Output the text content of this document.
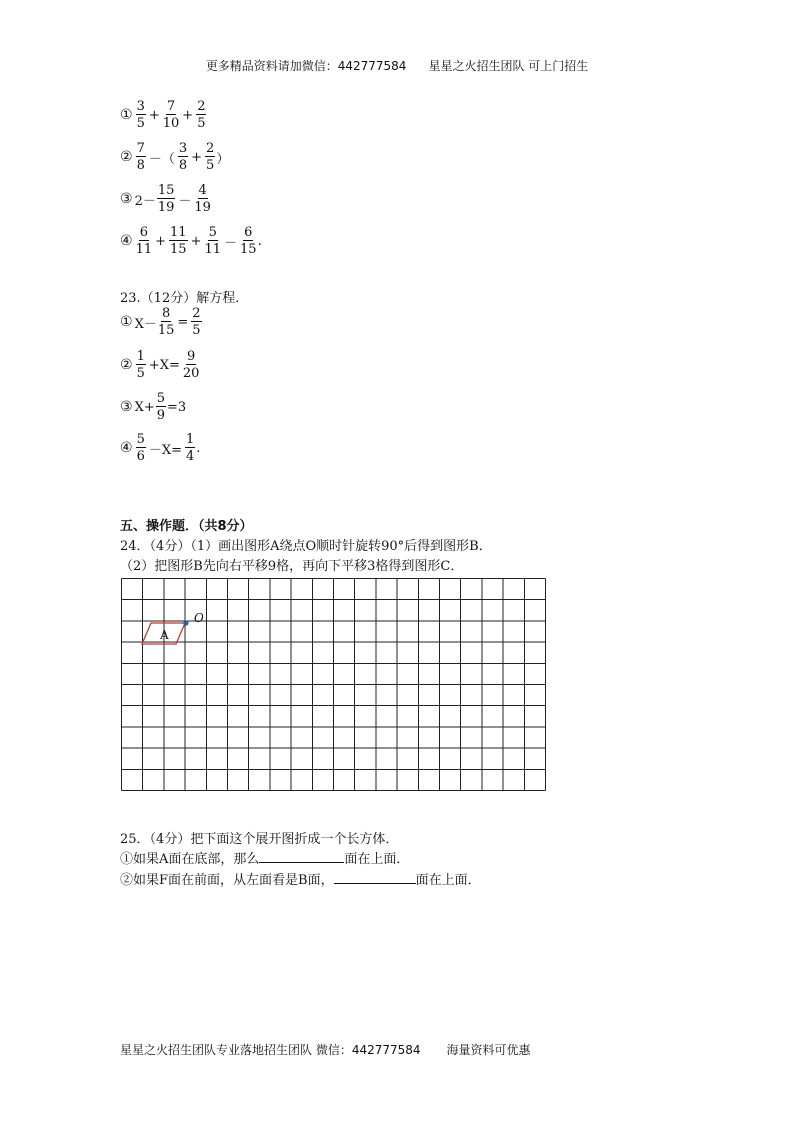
更多精品资料请加微信：442777584 星星之火招生团队 可上门招生
① $\frac{3}{5} + \frac{7}{10} + \frac{2}{5}$
② $\frac{7}{8}$ －（ $\frac{3}{8} + \frac{2}{5}$ ）
③ $2- \frac{15}{19} - \frac{4}{19}$
④ $\frac{6}{11} + \frac{11}{15} + \frac{5}{11} - \frac{6}{15}$ .
23.（12分）解方程．
① $X- \frac{8}{15} = \frac{2}{5}$
② $\frac{1}{5} +X= \frac{9}{20}$
③ $X+ \frac{5}{9} =3$
④ $\frac{5}{6} -X= \frac{1}{4}$ .
五、操作题．（共8分）
24．（4分）（1）画出图形A绕点O顺时针旋转90°后得到图形B．
（2）把图形B先向右平移9格，再向下平移3格得到图形C．
A
O
25．（4分）把下面这个展开图折成一个长方体．
①如果A面在底部，那么	面在上面．
②如果F面在前面，从左面看是B面，	面在上面．
星星之火招生团队专业落地招生团队 微信：442777584 海量资料可优惠
